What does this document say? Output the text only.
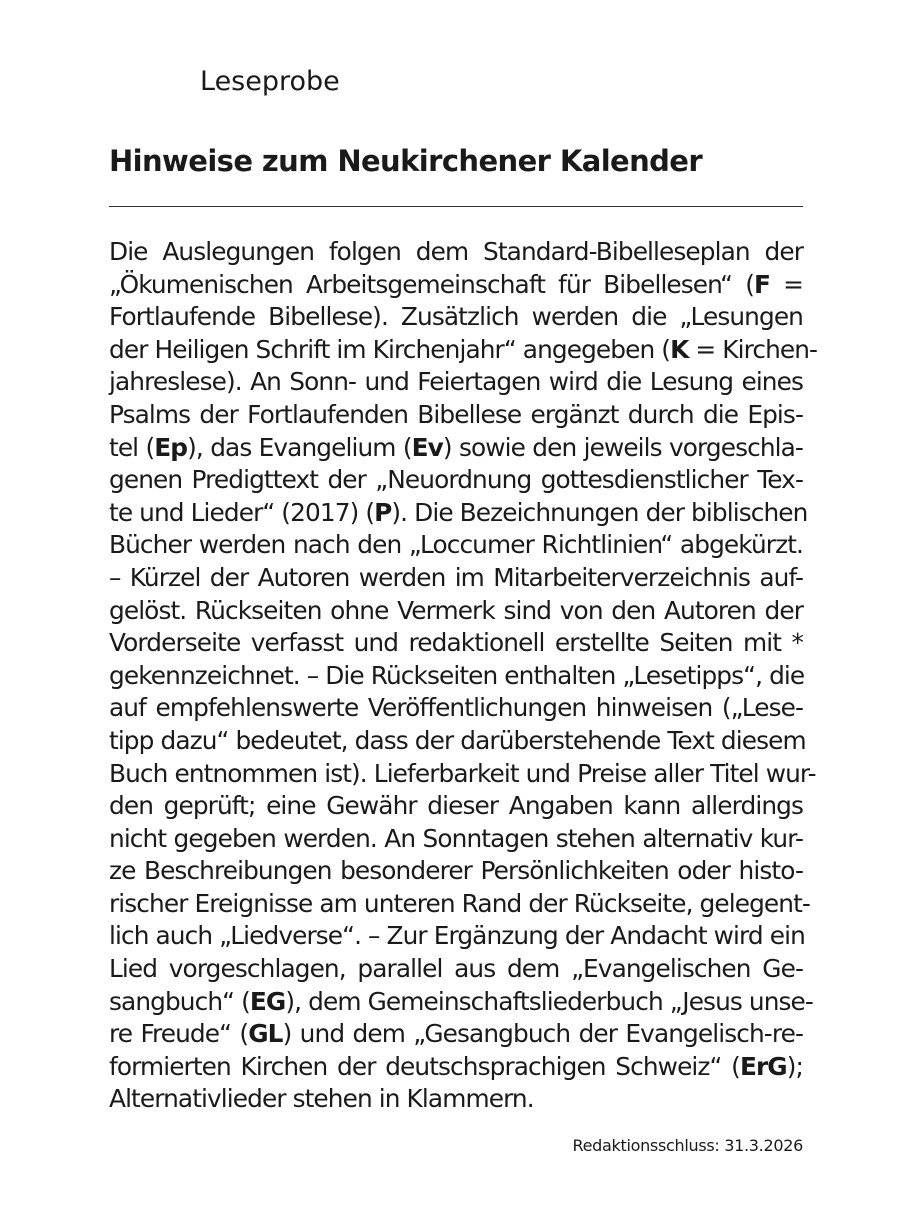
Leseprobe
Hinweise zum Neukirchener Kalender
Die Auslegungen folgen dem Standard-Bibelleseplan der
„Ökumenischen Arbeitsgemeinschaft für Bibellesen“ (F =
Fortlaufende Bibellese). Zusätzlich werden die „Lesungen
der Heiligen Schrift im Kirchenjahr“ angegeben (K = Kirchen-
jahreslese). An Sonn- und Feiertagen wird die Lesung eines
Psalms der Fortlaufenden Bibellese ergänzt durch die Epis-
tel (Ep), das Evangelium (Ev) sowie den jeweils vorgeschla-
genen Predigttext der „Neuordnung gottesdienstlicher Tex-
te und Lieder“ (2017) (P). Die Bezeichnungen der biblischen
Bücher werden nach den „Loccumer Richtlinien“ abgekürzt.
– Kürzel der Autoren werden im Mitarbeiterverzeichnis auf-
gelöst. Rückseiten ohne Vermerk sind von den Autoren der
Vorderseite verfasst und redaktionell erstellte Seiten mit *
gekennzeichnet. – Die Rückseiten enthalten „Lesetipps“, die
auf empfehlenswerte Veröffentlichungen hinweisen („Lese-
tipp dazu“ bedeutet, dass der darüberstehende Text diesem
Buch entnommen ist). Lieferbarkeit und Preise aller Titel wur-
den geprüft; eine Gewähr dieser Angaben kann allerdings
nicht gegeben werden. An Sonntagen stehen alternativ kur-
ze Beschreibungen besonderer Persönlichkeiten oder histo-
rischer Ereignisse am unteren Rand der Rückseite, gelegent-
lich auch „Liedverse“. – Zur Ergänzung der Andacht wird ein
Lied vorgeschlagen, parallel aus dem „Evangelischen Ge-
sangbuch“ (EG), dem Gemeinschaftsliederbuch „Jesus unse-
re Freude“ (GL) und dem „Gesangbuch der Evangelisch-re-
formierten Kirchen der deutschsprachigen Schweiz“ (ErG);
Alternativlieder stehen in Klammern.
Redaktionsschluss: 31.3.2026
